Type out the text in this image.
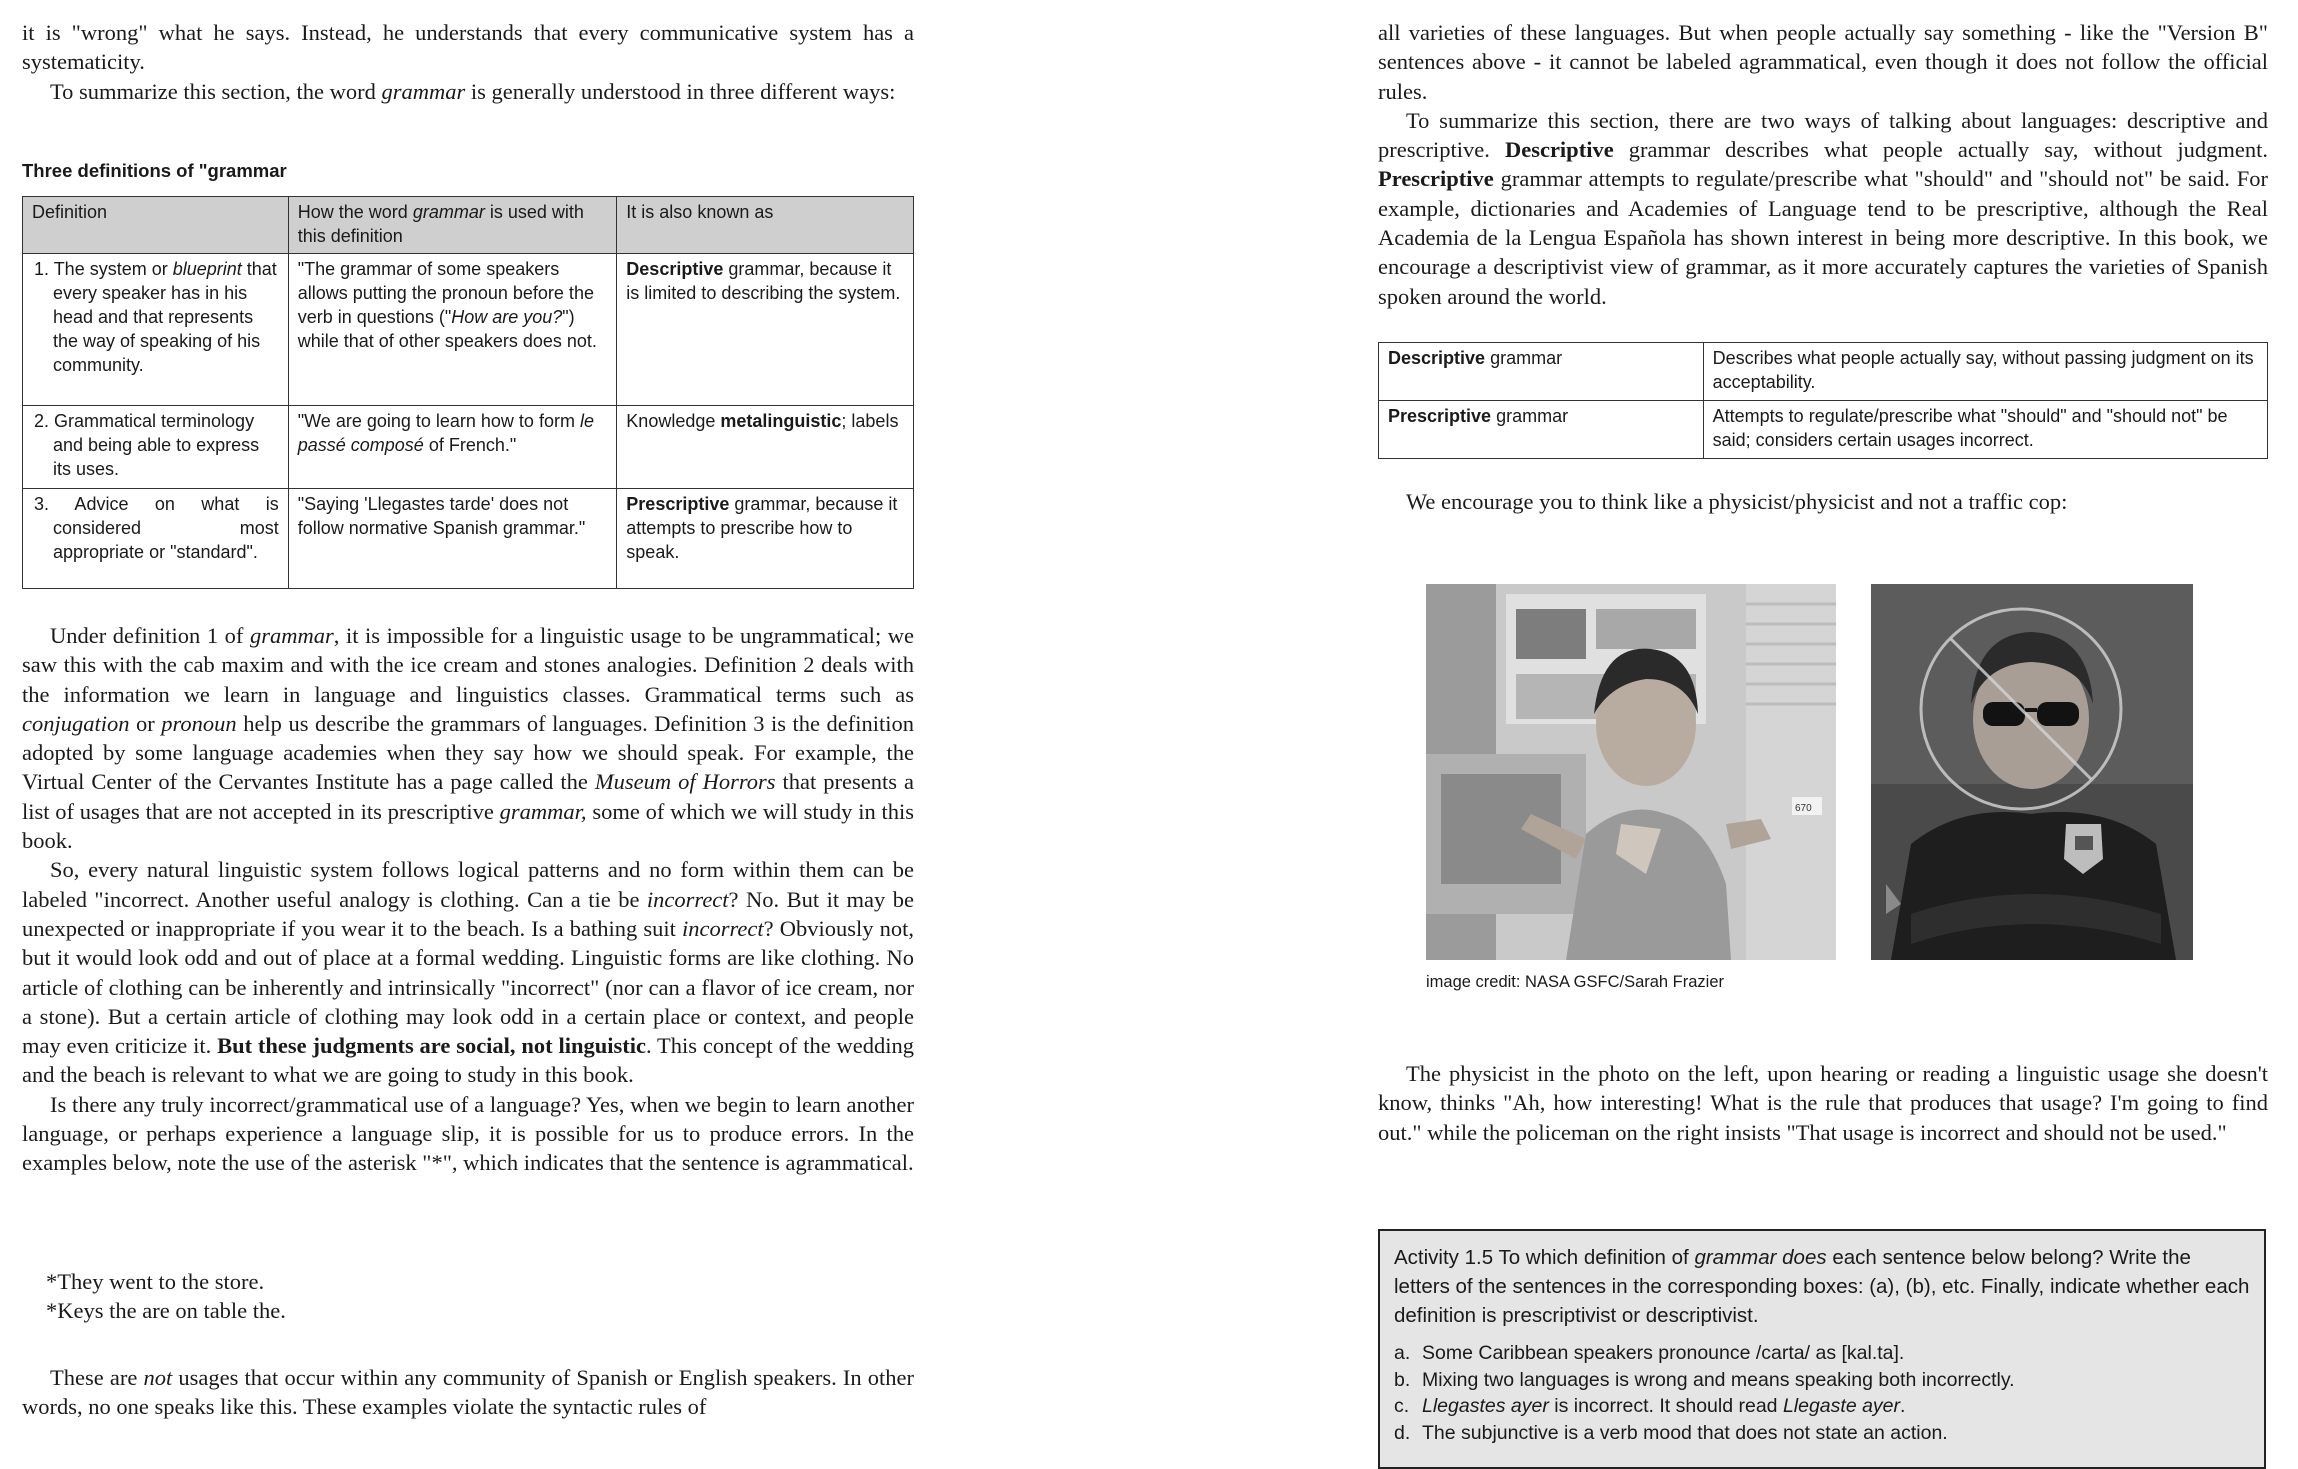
it is "wrong" what he says. Instead, he understands that every communicative system has a systematicity.

To summarize this section, the word grammar is generally understood in three different ways:

Three definitions of "grammar
Definition	How the word grammar is used with this definition	It is also known as
1. The system or blueprint that every speaker has in his head and that represents the way of speaking of his community.	"The grammar of some speakers allows putting the pronoun before the verb in questions ("How are you?") while that of other speakers does not.	Descriptive grammar, because it is limited to describing the system.
2. Grammatical terminology and being able to express its uses.	"We are going to learn how to form le passé composé of French."	Knowledge metalinguistic; labels
3. Advice on what is considered most appropriate or "standard".	"Saying 'Llegastes tarde' does not follow normative Spanish grammar."	Prescriptive grammar, because it attempts to prescribe how to speak.

Under definition 1 of grammar, it is impossible for a linguistic usage to be ungrammatical; we saw this with the cab maxim and with the ice cream and stones analogies. Definition 2 deals with the information we learn in language and linguistics classes. Grammatical terms such as conjugation or pronoun help us describe the grammars of languages. Definition 3 is the definition adopted by some language academies when they say how we should speak. For example, the Virtual Center of the Cervantes Institute has a page called the Museum of Horrors that presents a list of usages that are not accepted in its prescriptive grammar, some of which we will study in this book.

So, every natural linguistic system follows logical patterns and no form within them can be labeled "incorrect. Another useful analogy is clothing. Can a tie be incorrect? No. But it may be unexpected or inappropriate if you wear it to the beach. Is a bathing suit incorrect? Obviously not, but it would look odd and out of place at a formal wedding. Linguistic forms are like clothing. No article of clothing can be inherently and intrinsically "incorrect" (nor can a flavor of ice cream, nor a stone). But a certain article of clothing may look odd in a certain place or context, and people may even criticize it. But these judgments are social, not linguistic. This concept of the wedding and the beach is relevant to what we are going to study in this book.

Is there any truly incorrect/grammatical use of a language? Yes, when we begin to learn another language, or perhaps experience a language slip, it is possible for us to produce errors. In the examples below, note the use of the asterisk "*", which indicates that the sentence is agrammatical.

*They went to the store.
*Keys the are on table the.

These are not usages that occur within any community of Spanish or English speakers. In other words, no one speaks like this. These examples violate the syntactic rules of

all varieties of these languages. But when people actually say something - like the "Version B" sentences above - it cannot be labeled agrammatical, even though it does not follow the official rules.

To summarize this section, there are two ways of talking about languages: descriptive and prescriptive. Descriptive grammar describes what people actually say, without judgment. Prescriptive grammar attempts to regulate/prescribe what "should" and "should not" be said. For example, dictionaries and Academies of Language tend to be prescriptive, although the Real Academia de la Lengua Española has shown interest in being more descriptive. In this book, we encourage a descriptivist view of grammar, as it more accurately captures the varieties of Spanish spoken around the world.

Descriptive grammar	Describes what people actually say, without passing judgment on its acceptability.
Prescriptive grammar	Attempts to regulate/prescribe what "should" and "should not" be said; considers certain usages incorrect.

We encourage you to think like a physicist/physicist and not a traffic cop:

670
image credit: NASA GSFC/Sarah Frazier

The physicist in the photo on the left, upon hearing or reading a linguistic usage she doesn't know, thinks "Ah, how interesting! What is the rule that produces that usage? I'm going to find out." while the policeman on the right insists "That usage is incorrect and should not be used."

Activity 1.5 To which definition of grammar does each sentence below belong? Write the letters of the sentences in the corresponding boxes: (a), (b), etc. Finally, indicate whether each definition is prescriptivist or descriptivist.
a. Some Caribbean speakers pronounce /carta/ as [kal.ta].
b. Mixing two languages is wrong and means speaking both incorrectly.
c. Llegastes ayer is incorrect. It should read Llegaste ayer.
d. The subjunctive is a verb mood that does not state an action.
